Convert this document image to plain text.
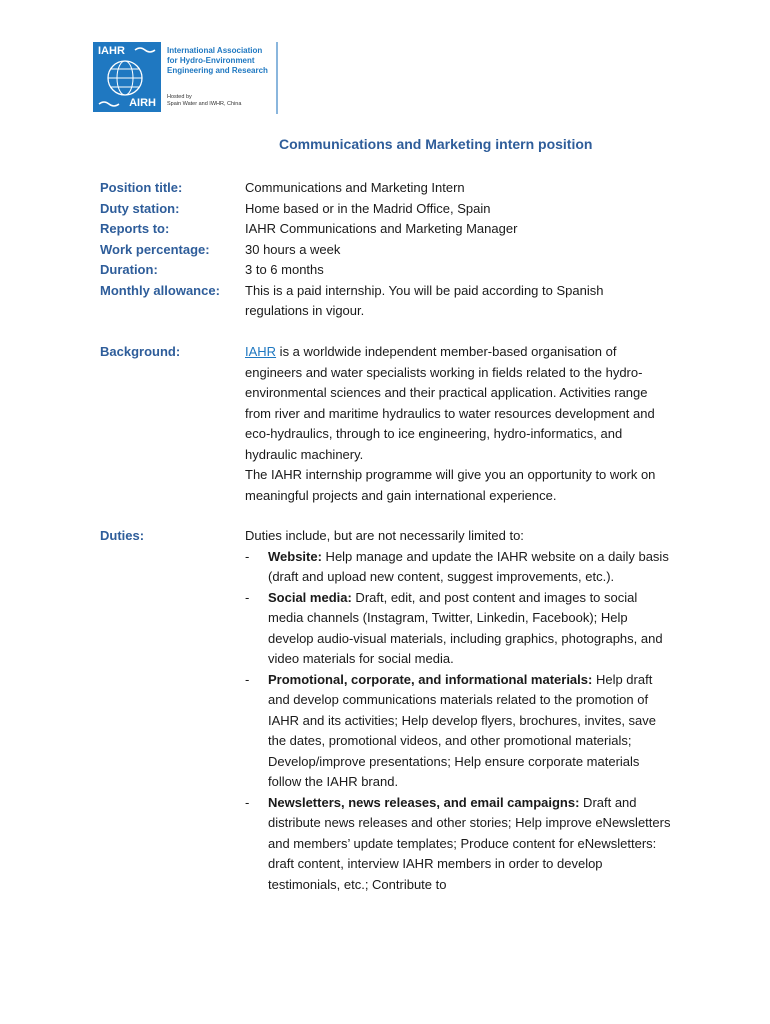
IAHR
AIRH
International Association
for Hydro-Environment
Engineering and Research
Hosted by
Spain Water and IWHR, China
Communications and Marketing intern position
Position title:	Communications and Marketing Intern
Duty station:	Home based or in the Madrid Office, Spain
Reports to:	IAHR Communications and Marketing Manager
Work percentage:	30 hours a week
Duration:	3 to 6 months
Monthly allowance: This is a paid internship. You will be paid according to Spanish regulations in vigour.
Background:	IAHR is a worldwide independent member-based organisation of engineers and water specialists working in fields related to the hydro-environmental sciences and their practical application. Activities range from river and maritime hydraulics to water resources development and eco-hydraulics, through to ice engineering, hydro-informatics, and hydraulic machinery.
The IAHR internship programme will give you an opportunity to work on meaningful projects and gain international experience.
Duties:	Duties include, but are not necessarily limited to:
- Website: Help manage and update the IAHR website on a daily basis (draft and upload new content, suggest improvements, etc.).
- Social media: Draft, edit, and post content and images to social media channels (Instagram, Twitter, Linkedin, Facebook); Help develop audio-visual materials, including graphics, photographs, and video materials for social media.
- Promotional, corporate, and informational materials: Help draft and develop communications materials related to the promotion of IAHR and its activities; Help develop flyers, brochures, invites, save the dates, promotional videos, and other promotional materials; Develop/improve presentations; Help ensure corporate materials follow the IAHR brand.
- Newsletters, news releases, and email campaigns: Draft and distribute news releases and other stories; Help improve eNewsletters and members’ update templates; Produce content for eNewsletters: draft content, interview IAHR members in order to develop testimonials, etc.; Contribute to
